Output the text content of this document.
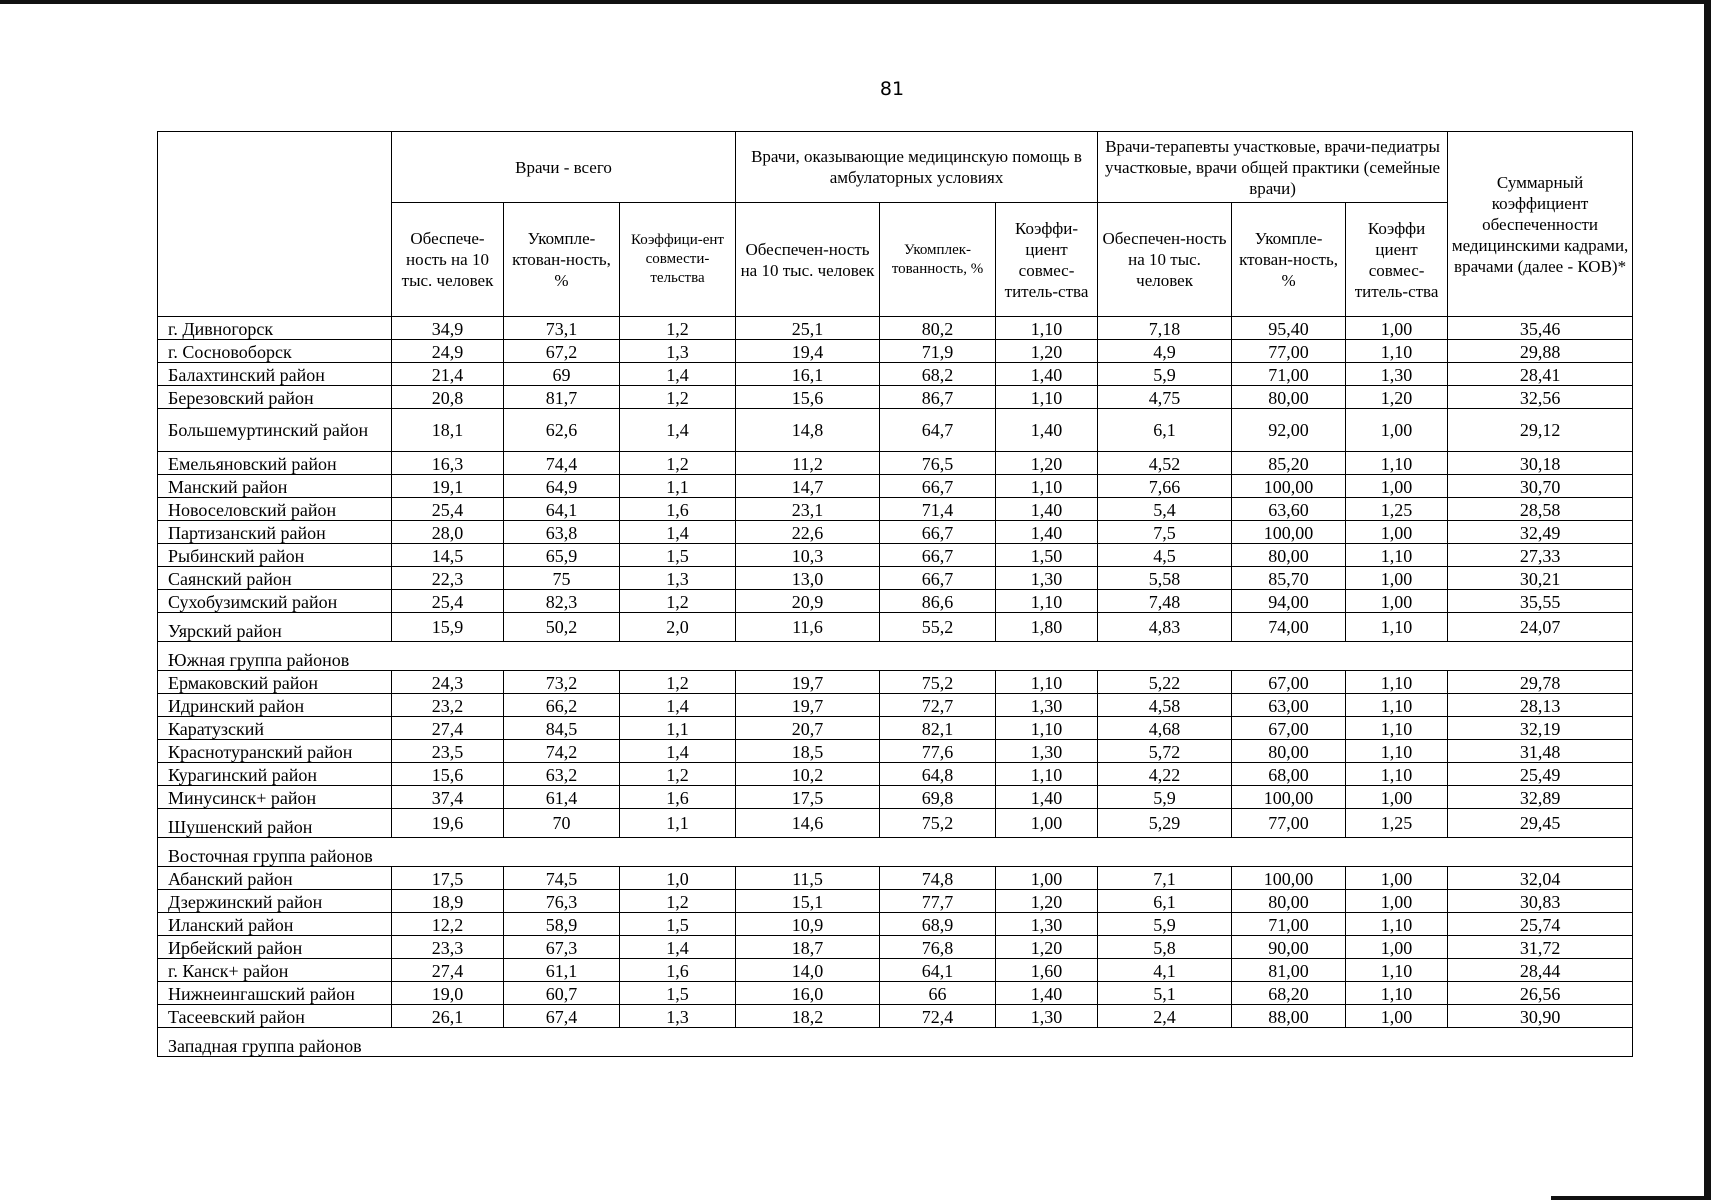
81
	Врачи - всего			Врачи, оказывающие медицинскую помощь в амбулаторных условиях			Врачи-терапевты участковые, врачи-педиатры участковые, врачи общей практики (семейные врачи)			Суммарный коэффициент обеспеченности медицинскими кадрами, врачами (далее - КОВ)*
	Обеспече-ность на 10 тыс. человек	Укомпле-ктован-ность, %	Коэффици-ент совмести-тельства	Обеспечен-ность на 10 тыс. человек	Укомплек-тованность, %	Коэффи-циент совмес-титель-ства	Обеспечен-ность на 10 тыс. человек	Укомпле-ктован-ность, %	Коэффи циент совмес-титель-ства	
г. Дивногорск	34,9	73,1	1,2	25,1	80,2	1,10	7,18	95,40	1,00	35,46
г. Сосновоборск	24,9	67,2	1,3	19,4	71,9	1,20	4,9	77,00	1,10	29,88
Балахтинский район	21,4	69	1,4	16,1	68,2	1,40	5,9	71,00	1,30	28,41
Березовский район	20,8	81,7	1,2	15,6	86,7	1,10	4,75	80,00	1,20	32,56
Большемуртинский район	18,1	62,6	1,4	14,8	64,7	1,40	6,1	92,00	1,00	29,12
Емельяновский район	16,3	74,4	1,2	11,2	76,5	1,20	4,52	85,20	1,10	30,18
Манский район	19,1	64,9	1,1	14,7	66,7	1,10	7,66	100,00	1,00	30,70
Новоселовский район	25,4	64,1	1,6	23,1	71,4	1,40	5,4	63,60	1,25	28,58
Партизанский район	28,0	63,8	1,4	22,6	66,7	1,40	7,5	100,00	1,00	32,49
Рыбинский район	14,5	65,9	1,5	10,3	66,7	1,50	4,5	80,00	1,10	27,33
Саянский район	22,3	75	1,3	13,0	66,7	1,30	5,58	85,70	1,00	30,21
Сухобузимский район	25,4	82,3	1,2	20,9	86,6	1,10	7,48	94,00	1,00	35,55
Уярский район	15,9	50,2	2,0	11,6	55,2	1,80	4,83	74,00	1,10	24,07
Южная группа районов										
Ермаковский район	24,3	73,2	1,2	19,7	75,2	1,10	5,22	67,00	1,10	29,78
Идринский район	23,2	66,2	1,4	19,7	72,7	1,30	4,58	63,00	1,10	28,13
Каратузский	27,4	84,5	1,1	20,7	82,1	1,10	4,68	67,00	1,10	32,19
Краснотуранский район	23,5	74,2	1,4	18,5	77,6	1,30	5,72	80,00	1,10	31,48
Курагинский район	15,6	63,2	1,2	10,2	64,8	1,10	4,22	68,00	1,10	25,49
Минусинск+ район	37,4	61,4	1,6	17,5	69,8	1,40	5,9	100,00	1,00	32,89
Шушенский район	19,6	70	1,1	14,6	75,2	1,00	5,29	77,00	1,25	29,45
Восточная группа районов										
Абанский район	17,5	74,5	1,0	11,5	74,8	1,00	7,1	100,00	1,00	32,04
Дзержинский район	18,9	76,3	1,2	15,1	77,7	1,20	6,1	80,00	1,00	30,83
Иланский район	12,2	58,9	1,5	10,9	68,9	1,30	5,9	71,00	1,10	25,74
Ирбейский район	23,3	67,3	1,4	18,7	76,8	1,20	5,8	90,00	1,00	31,72
г. Канск+ район	27,4	61,1	1,6	14,0	64,1	1,60	4,1	81,00	1,10	28,44
Нижнеингашский район	19,0	60,7	1,5	16,0	66	1,40	5,1	68,20	1,10	26,56
Тасеевский район	26,1	67,4	1,3	18,2	72,4	1,30	2,4	88,00	1,00	30,90
Западная группа районов										
